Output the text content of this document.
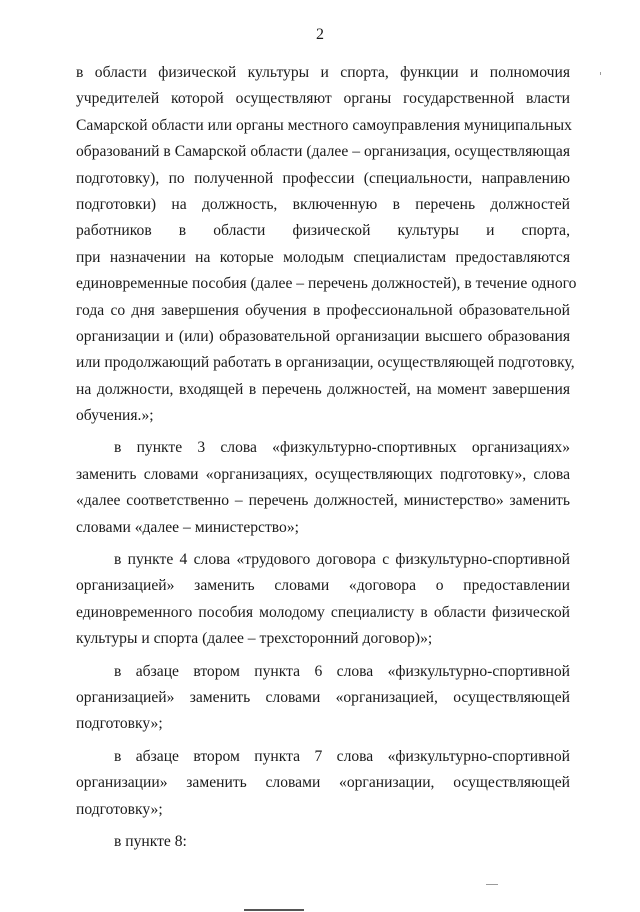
2
в области физической культуры и спорта, функции и полномочия
учредителей которой осуществляют органы государственной власти
Самарской области или органы местного самоуправления муниципальных
образований в Самарской области (далее – организация, осуществляющая
подготовку), по полученной профессии (специальности, направлению
подготовки) на должность, включенную в перечень должностей
работников в области физической культуры и спорта,
при назначении на которые молодым специалистам предоставляются
единовременные пособия (далее – перечень должностей), в течение одного
года со дня завершения обучения в профессиональной образовательной
организации и (или) образовательной организации высшего образования
или продолжающий работать в организации, осуществляющей подготовку,
на должности, входящей в перечень должностей, на момент завершения
обучения.»;
в пункте 3 слова «физкультурно-спортивных организациях»
заменить словами «организациях, осуществляющих подготовку», слова
«далее соответственно – перечень должностей, министерство» заменить
словами «далее – министерство»;
в пункте 4 слова «трудового договора с физкультурно-спортивной
организацией» заменить словами «договора о предоставлении
единовременного пособия молодому специалисту в области физической
культуры и спорта (далее – трехсторонний договор)»;
в абзаце втором пункта 6 слова «физкультурно-спортивной
организацией» заменить словами «организацией, осуществляющей
подготовку»;
в абзаце втором пункта 7 слова «физкультурно-спортивной
организации» заменить словами «организации, осуществляющей
подготовку»;
в пункте 8:
